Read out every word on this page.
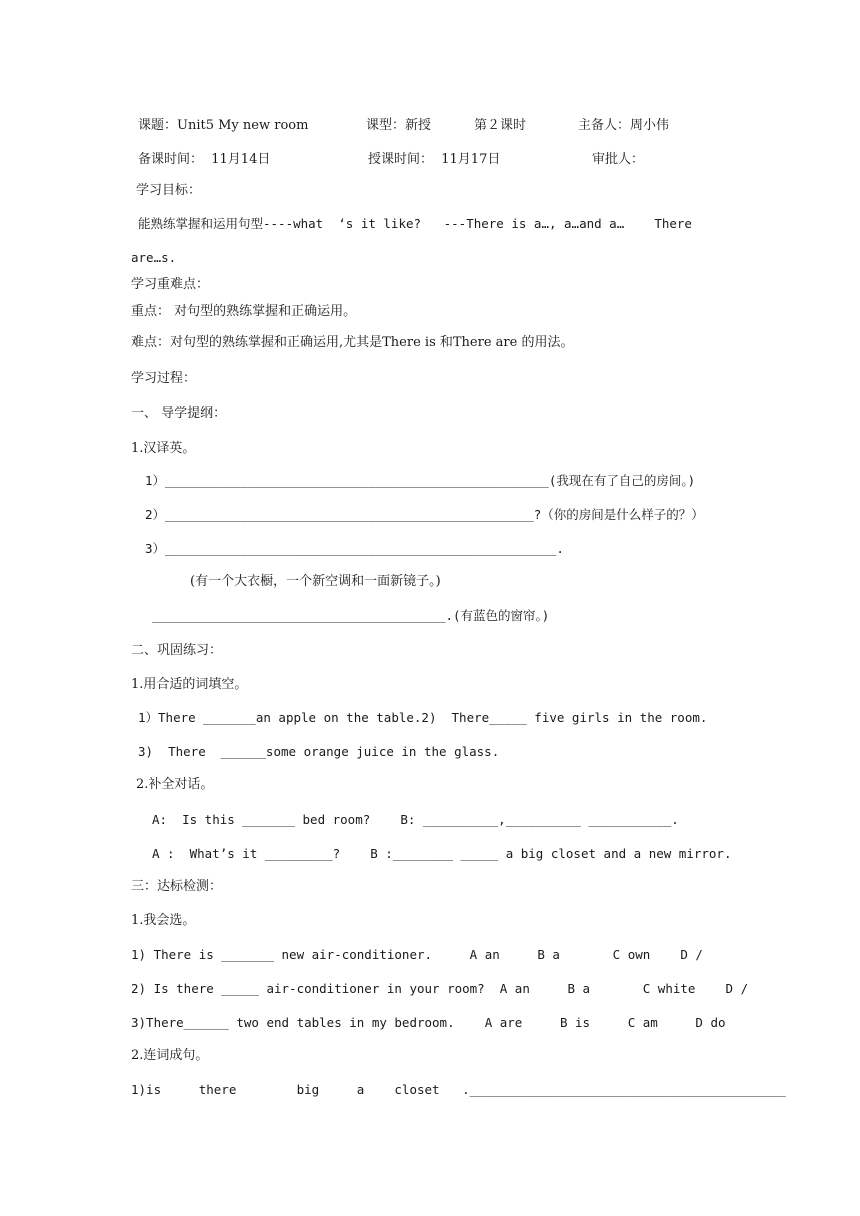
课题：Unit5 My new room	课型：新授	第２课时	主备人：周小伟
备课时间：  11月14日	授课时间：  11月17日	审批人：
学习目标：
能熟练掌握和运用句型----what  ‘s it like?   ---There is a…, a…and a…    There
are…s.
学习重难点：
重点： 对句型的熟练掌握和正确运用。
难点：对句型的熟练掌握和正确运用,尤其是There is 和There are 的用法。
学习过程：
一、 导学提纲：
1.汉译英。
1）___________________________________________________(我现在有了自己的房间。)
2）_________________________________________________?（你的房间是什么样子的？）
3）____________________________________________________.
(有一个大衣橱，一个新空调和一面新镜子。)
_______________________________________.(有蓝色的窗帘。)
二、巩固练习：
1.用合适的词填空。
1）There _______an apple on the table.2)  There_____ five girls in the room.
3)  There  ______some orange juice in the glass.
2.补全对话。
A:  Is this _______ bed room?    B: __________,__________ ___________.
A :  What’s it _________?    B :________ _____ a big closet and a new mirror.
三：达标检测：
1.我会选。
1) There is _______ new air-conditioner.     A an     B a       C own    D /
2) Is there _____ air-conditioner in your room?  A an     B a       C white    D /
3)There______ two end tables in my bedroom.    A are     B is     C am     D do
2.连词成句。
1)is     there        big     a    closet   .__________________________________________
